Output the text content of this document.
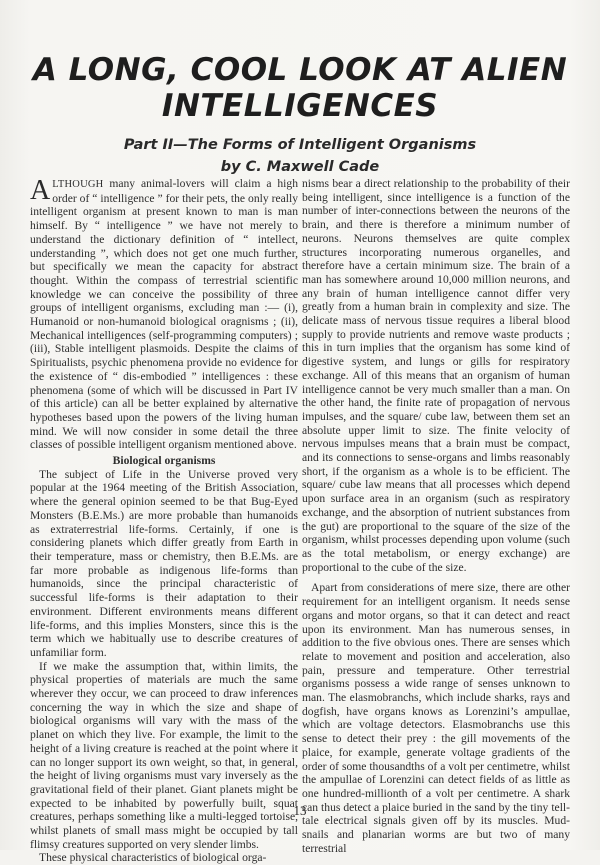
A LONG, COOL LOOK AT ALIEN
INTELLIGENCES
Part II—The Forms of Intelligent Organisms
by C. Maxwell Cade

ALTHOUGH many animal-lovers will claim a high order of “ intelligence ” for their pets, the only really intelligent organism at present known to man is man himself. By “ intelligence ” we have not merely to understand the dictionary definition of “ intellect, understanding ”, which does not get one much further, but specifically we mean the capacity for abstract thought. Within the compass of terrestrial scientific knowledge we can conceive the possibility of three groups of intelligent organisms, excluding man :— (i), Humanoid or non-humanoid biological oragnisms ; (ii), Mechanical intelligences (self-programming computers) ; (iii), Stable intelligent plasmoids. Despite the claims of Spiritualists, psychic phenomena provide no evidence for the existence of “ dis-embodied ” intelligences : these phenomena (some of which will be discussed in Part IV of this article) can all be better explained by alternative hypotheses based upon the powers of the living human mind. We will now consider in some detail the three classes of possible intelligent organism mentioned above.

Biological organisms

The subject of Life in the Universe proved very popular at the 1964 meeting of the British Association, where the general opinion seemed to be that Bug-Eyed Monsters (B.E.Ms.) are more probable than humanoids as extraterrestrial life-forms. Certainly, if one is considering planets which differ greatly from Earth in their temperature, mass or chemistry, then B.E.Ms. are far more probable as indigenous life-forms than humanoids, since the principal characteristic of successful life-forms is their adaptation to their environment. Different environments means different life-forms, and this implies Monsters, since this is the term which we habitually use to describe creatures of unfamiliar form.

If we make the assumption that, within limits, the physical properties of materials are much the same wherever they occur, we can proceed to draw inferences concerning the way in which the size and shape of biological organisms will vary with the mass of the planet on which they live. For example, the limit to the height of a living creature is reached at the point where it can no longer support its own weight, so that, in general, the height of living organisms must vary inversely as the gravitational field of their planet. Giant planets might be expected to be inhabited by powerfully built, squat creatures, perhaps something like a multi-legged tortoise, whilst planets of small mass might be occupied by tall flimsy creatures supported on very slender limbs.

These physical characteristics of biological orga-

nisms bear a direct relationship to the probability of their being intelligent, since intelligence is a function of the number of inter-connections between the neurons of the brain, and there is therefore a minimum number of neurons. Neurons themselves are quite complex structures incorporating numerous organelles, and therefore have a certain minimum size. The brain of a man has somewhere around 10,000 million neurons, and any brain of human intelligence cannot differ very greatly from a human brain in complexity and size. The delicate mass of nervous tissue requires a liberal blood supply to provide nutrients and remove waste products ; this in turn implies that the organism has some kind of digestive system, and lungs or gills for respiratory exchange. All of this means that an organism of human intelligence cannot be very much smaller than a man. On the other hand, the finite rate of propagation of nervous impulses, and the square/ cube law, between them set an absolute upper limit to size. The finite velocity of nervous impulses means that a brain must be compact, and its connections to sense-organs and limbs reasonably short, if the organism as a whole is to be efficient. The square/ cube law means that all processes which depend upon surface area in an organism (such as respiratory exchange, and the absorption of nutrient substances from the gut) are proportional to the square of the size of the organism, whilst processes depending upon volume (such as the total metabolism, or energy exchange) are proportional to the cube of the size.

Apart from considerations of mere size, there are other requirement for an intelligent organism. It needs sense organs and motor organs, so that it can detect and react upon its environment. Man has numerous senses, in addition to the five obvious ones. There are senses which relate to movement and position and acceleration, also pain, pressure and temperature. Other terrestrial organisms possess a wide range of senses unknown to man. The elasmobranchs, which include sharks, rays and dogfish, have organs knows as Lorenzini’s ampullae, which are voltage detectors. Elasmobranchs use this sense to detect their prey : the gill movements of the plaice, for example, generate voltage gradients of the order of some thousandths of a volt per centimetre, whilst the ampullae of Lorenzini can detect fields of as little as one hundred-millionth of a volt per centimetre. A shark can thus detect a plaice buried in the sand by the tiny tell-tale electrical signals given off by its muscles. Mud-snails and planarian worms are but two of many terrestrial

13
